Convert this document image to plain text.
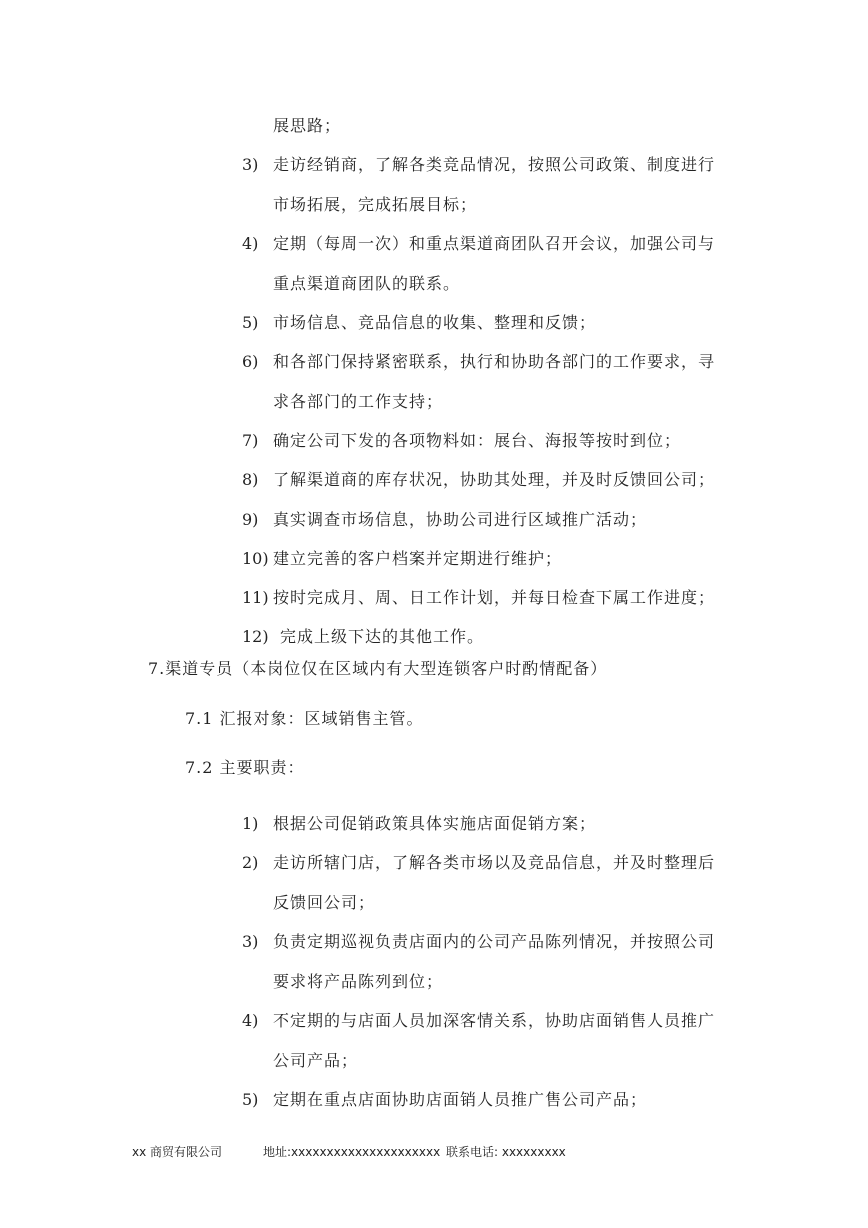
展思路；
3) 走访经销商，了解各类竞品情况，按照公司政策、制度进行
市场拓展，完成拓展目标；
4) 定期（每周一次）和重点渠道商团队召开会议，加强公司与
重点渠道商团队的联系。
5) 市场信息、竞品信息的收集、整理和反馈；
6) 和各部门保持紧密联系，执行和协助各部门的工作要求，寻
求各部门的工作支持；
7) 确定公司下发的各项物料如：展台、海报等按时到位；
8) 了解渠道商的库存状况，协助其处理，并及时反馈回公司；
9) 真实调查市场信息，协助公司进行区域推广活动；
10) 建立完善的客户档案并定期进行维护；
11) 按时完成月、周、日工作计划，并每日检查下属工作进度；
12) 完成上级下达的其他工作。
7.渠道专员（本岗位仅在区域内有大型连锁客户时酌情配备）
7.1 汇报对象：区域销售主管。
7.2 主要职责：
1) 根据公司促销政策具体实施店面促销方案；
2) 走访所辖门店，了解各类市场以及竞品信息，并及时整理后
反馈回公司；
3) 负责定期巡视负责店面内的公司产品陈列情况，并按照公司
要求将产品陈列到位；
4) 不定期的与店面人员加深客情关系，协助店面销售人员推广
公司产品；
5) 定期在重点店面协助店面销人员推广售公司产品；
xx 商贸有限公司	地址:xxxxxxxxxxxxxxxxxxxxx 联系电话: xxxxxxxxx
